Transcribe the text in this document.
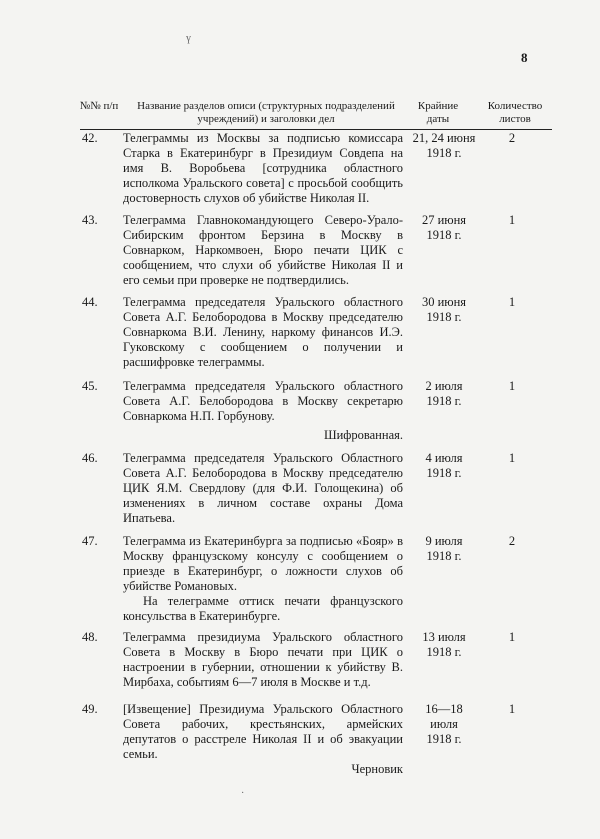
8
ү
·
№№ п/п	Название разделов описи (структурных подразделений учреждений) и заголовки дел
Крайние даты
Количество листов
42. Телеграммы из Москвы за подписью комиссара Старка в Екатеринбург в Президиум Совдепа на имя В. Воробьева [сотрудника областного исполкома Уральского совета] с просьбой сообщить достоверность слухов об убийстве Николая II.

21, 24 июня
1918 г.
2
43. Телеграмма Главнокомандующего Северо-Урало-Сибирским фронтом Берзина в Москву в Совнарком, Наркомвоен, Бюро печати ЦИК с сообщением, что слухи об убийстве Николая II и его семьи при проверке не подтвердились.

27 июня
1918 г.
1
44. Телеграмма председателя Уральского областного Совета А.Г. Белобородова в Москву председателю Совнаркома В.И. Ленину, наркому финансов И.Э. Гуковскому с сообщением о получении и расшифровке телеграммы.

30 июня
1918 г.
1
45. Телеграмма председателя Уральского областного Совета А.Г. Белобородова в Москву секретарю Совнаркома Н.П. Горбунову.

Шифрованная.

2 июля
1918 г.
1
46. Телеграмма председателя Уральского Областного Совета А.Г. Белобородова в Москву председателю ЦИК Я.М. Свердлову (для Ф.И. Голощекина) об изменениях в личном составе охраны Дома Ипатьева.

4 июля
1918 г.
1
47. Телеграмма из Екатеринбурга за подписью «Бояр» в Москву французскому консулу с сообщением о приезде в Екатеринбург, о ложности слухов об убийстве Романовых.

На телеграмме оттиск печати французского консульства в Екатеринбурге.

9 июля
1918 г.
2
48. Телеграмма президиума Уральского областного Совета в Москву в Бюро печати при ЦИК о настроении в губернии, отношении к убийству В. Мирбаха, событиям 6—7 июля в Москве и т.д.

13 июля
1918 г.
1
49. [Извещение] Президиума Уральского Областного Совета рабочих, крестьянских, армейских депутатов о расстреле Николая II и об эвакуации семьи.

Черновик

16—18
июля
1918 г.
1
